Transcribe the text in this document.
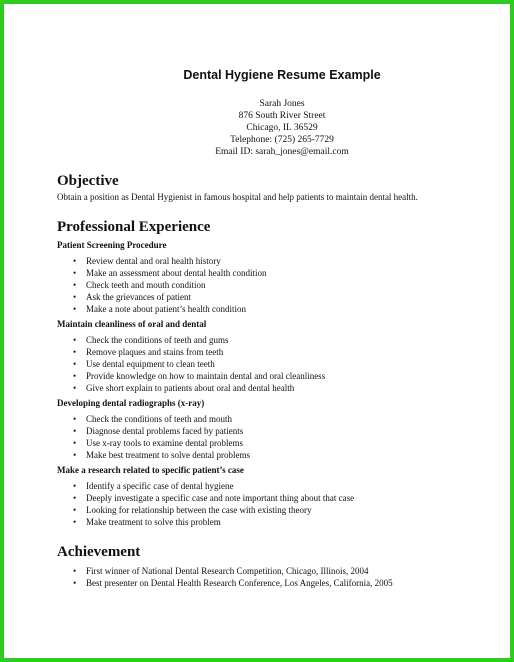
Dental Hygiene Resume Example
Sarah Jones
876 South River Street
Chicago, IL 36529
Telephone: (725) 265-7729
Email ID: sarah_jones@email.com
Objective
Obtain a position as Dental Hygienist in famous hospital and help patients to maintain dental health.
Professional Experience
Patient Screening Procedure
• Review dental and oral health history
• Make an assessment about dental health condition
• Check teeth and mouth condition
• Ask the grievances of patient
• Make a note about patient’s health condition
Maintain cleanliness of oral and dental
• Check the conditions of teeth and gums
• Remove plaques and stains from teeth
• Use dental equipment to clean teeth
• Provide knowledge on how to maintain dental and oral cleanliness
• Give short explain to patients about oral and dental health
Developing dental radiographs (x-ray)
• Check the conditions of teeth and mouth
• Diagnose dental problems faced by patients
• Use x-ray tools to examine dental problems
• Make best treatment to solve dental problems
Make a research related to specific patient’s case
• Identify a specific case of dental hygiene
• Deeply investigate a specific case and note important thing about that case
• Looking for relationship between the case with existing theory
• Make treatment to solve this problem
Achievement
• First winner of National Dental Research Competition, Chicago, Illinois, 2004
• Best presenter on Dental Health Research Conference, Los Angeles, California, 2005
